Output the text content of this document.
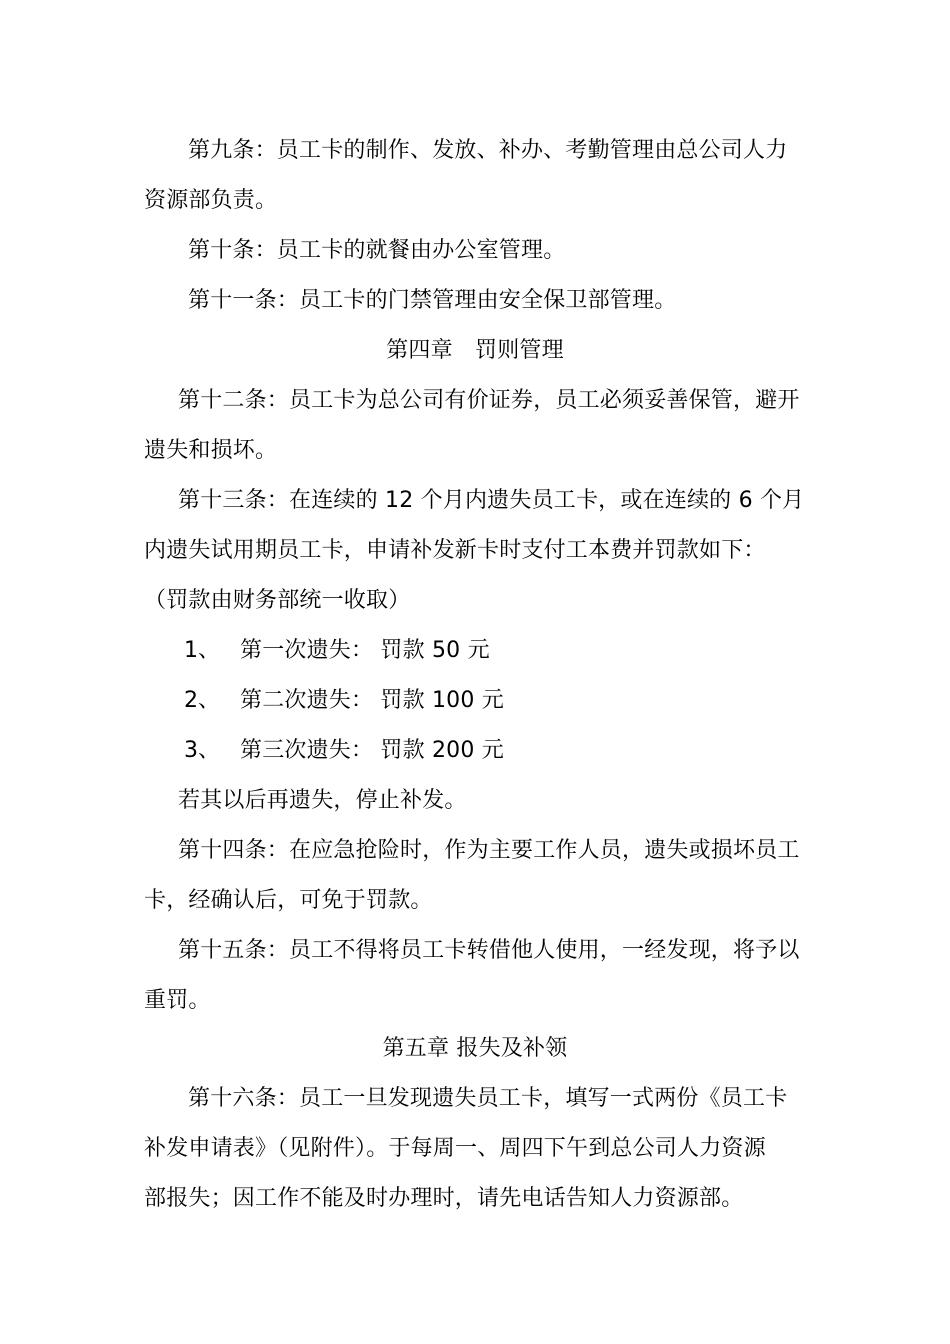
第九条：员工卡的制作、发放、补办、考勤管理由总公司人力
资源部负责。
第十条：员工卡的就餐由办公室管理。
第十一条：员工卡的门禁管理由安全保卫部管理。
第四章　罚则管理
第十二条：员工卡为总公司有价证券，员工必须妥善保管，避开
遗失和损坏。
第十三条：在连续的 12 个月内遗失员工卡，或在连续的 6 个月
内遗失试用期员工卡，申请补发新卡时支付工本费并罚款如下：
（罚款由财务部统一收取）
1、 第一次遗失： 罚款 50 元
2、 第二次遗失： 罚款 100 元
3、 第三次遗失： 罚款 200 元
若其以后再遗失，停止补发。
第十四条：在应急抢险时，作为主要工作人员，遗失或损坏员工
卡，经确认后，可免于罚款。
第十五条：员工不得将员工卡转借他人使用，一经发现，将予以
重罚。
第五章 报失及补领
第十六条：员工一旦发现遗失员工卡，填写一式两份《员工卡
补发申请表》（见附件）。于每周一、周四下午到总公司人力资源
部报失；因工作不能及时办理时，请先电话告知人力资源部。
